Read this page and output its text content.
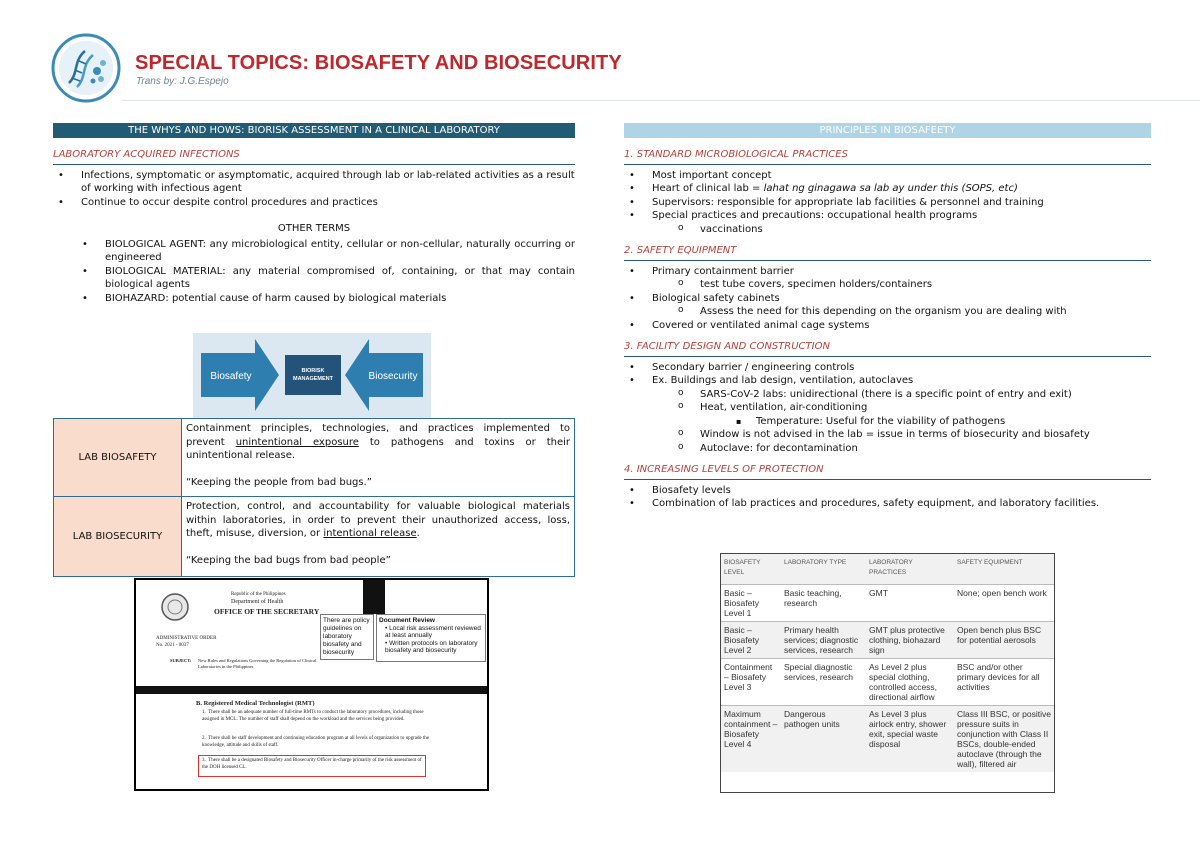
SPECIAL TOPICS: BIOSAFETY AND BIOSECURITY
Trans by: J.G.Espejo
THE WHYS AND HOWS: BIORISK ASSESSMENT IN A CLINICAL LABORATORY
LABORATORY ACQUIRED INFECTIONS
• Infections, symptomatic or asymptomatic, acquired through lab or lab-related activities as a result of working with infectious agent
• Continue to occur despite control procedures and practices
OTHER TERMS
• BIOLOGICAL AGENT: any microbiological entity, cellular or non-cellular, naturally occurring or engineered
• BIOLOGICAL MATERIAL: any material compromised of, containing, or that may contain biological agents
• BIOHAZARD: potential cause of harm caused by biological materials
Biosafety	BIORISK MANAGEMENT	Biosecurity
LAB BIOSAFETY	Containment principles, technologies, and practices implemented to prevent unintentional exposure to pathogens and toxins or their unintentional release.
“Keeping the people from bad bugs.”

LAB BIOSECURITY	Protection, control, and accountability for valuable biological materials within laboratories, in order to prevent their unauthorized access, loss, theft, misuse, diversion, or intentional release.
“Keeping the bad bugs from bad people”
Republic of the Philippines
Department of Health
OFFICE OF THE SECRETARY
ADMINISTRATIVE ORDER
No. 2021 - 0037
SUBJECT: New Rules and Regulations Governing the Regulation of Clinical Laboratories in the Philippines
There are policy guidelines on laboratory biosafety and biosecurity
Document Review
• Local risk assessment reviewed at least annually
• Written protocols on laboratory biosafety and biosecurity
B. Registered Medical Technologist (RMT)
1.  There shall be an adequate number of full-time RMTs to conduct the laboratory procedures, including those assigned in MCL. The number of staff shall depend on the workload and the services being provided.
2.  There shall be staff development and continuing education program at all levels of organization to upgrade the knowledge, attitude and skills of staff.
3.  There shall be a designated Biosafety and Biosecurity Officer in-charge primarily of the risk assessment of the DOH licensed CL.
PRINCIPLES IN BIOSAFEETY
1. STANDARD MICROBIOLOGICAL PRACTICES
• Most important concept
• Heart of clinical lab = lahat ng ginagawa sa lab ay under this (SOPS, etc)
• Supervisors: responsible for appropriate lab facilities & personnel and training
• Special practices and precautions: occupational health programs
o vaccinations
2. SAFETY EQUIPMENT
• Primary containment barrier
o test tube covers, specimen holders/containers
• Biological safety cabinets
o Assess the need for this depending on the organism you are dealing with
• Covered or ventilated animal cage systems
3. FACILITY DESIGN AND CONSTRUCTION
• Secondary barrier / engineering controls
• Ex. Buildings and lab design, ventilation, autoclaves
o SARS-CoV-2 labs: unidirectional (there is a specific point of entry and exit)
o Heat, ventilation, air-conditioning
▪ Temperature: Useful for the viability of pathogens
o Window is not advised in the lab = issue in terms of biosecurity and biosafety
o Autoclave: for decontamination
4. INCREASING LEVELS OF PROTECTION
• Biosafety levels
• Combination of lab practices and procedures, safety equipment, and laboratory facilities.
BIOSAFETY LEVEL	LABORATORY TYPE	LABORATORY PRACTICES	SAFETY EQUIPMENT
Basic – Biosafety Level 1	Basic teaching, research	GMT	None; open bench work
Basic – Biosafety Level 2	Primary health services; diagnostic services, research	GMT plus protective clothing, biohazard sign	Open bench plus BSC for potential aerosols
Containment – Biosafety Level 3	Special diagnostic services, research	As Level 2 plus special clothing, controlled access, directional airflow	BSC and/or other primary devices for all activities
Maximum containment – Biosafety Level 4	Dangerous pathogen units	As Level 3 plus airlock entry, shower exit, special waste disposal	Class III BSC, or positive pressure suits in conjunction with Class II BSCs, double-ended autoclave (through the wall), filtered air
